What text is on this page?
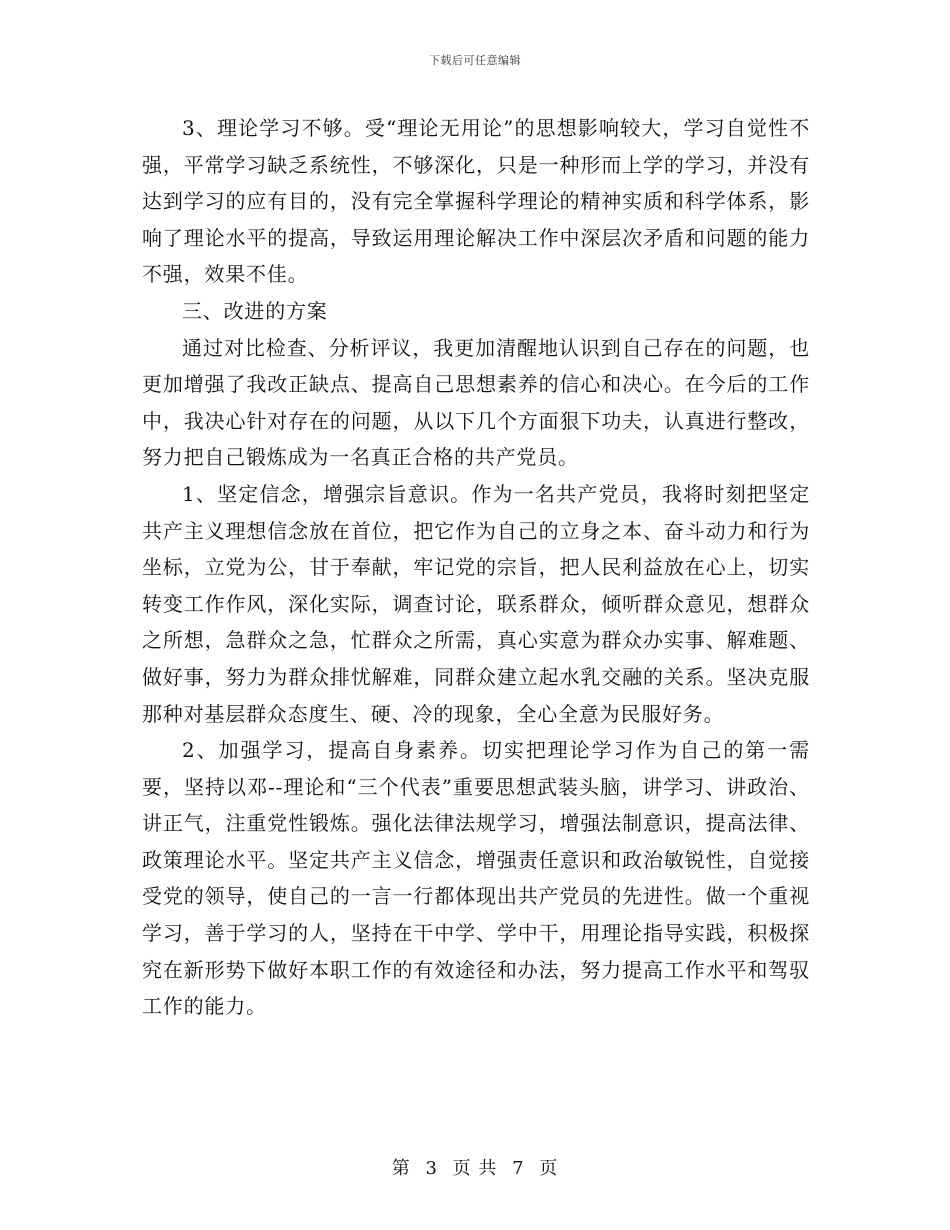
下载后可任意编辑

3、理论学习不够。受“理论无用论”的思想影响较大，学习自觉性不强，平常学习缺乏系统性，不够深化，只是一种形而上学的学习，并没有达到学习的应有目的，没有完全掌握科学理论的精神实质和科学体系，影响了理论水平的提高，导致运用理论解决工作中深层次矛盾和问题的能力不强，效果不佳。

三、改进的方案

通过对比检查、分析评议，我更加清醒地认识到自己存在的问题，也更加增强了我改正缺点、提高自己思想素养的信心和决心。在今后的工作中，我决心针对存在的问题，从以下几个方面狠下功夫，认真进行整改，努力把自己锻炼成为一名真正合格的共产党员。

1、坚定信念，增强宗旨意识。作为一名共产党员，我将时刻把坚定共产主义理想信念放在首位，把它作为自己的立身之本、奋斗动力和行为坐标，立党为公，甘于奉献，牢记党的宗旨，把人民利益放在心上，切实转变工作作风，深化实际，调查讨论，联系群众，倾听群众意见，想群众之所想，急群众之急，忙群众之所需，真心实意为群众办实事、解难题、做好事，努力为群众排忧解难，同群众建立起水乳交融的关系。坚决克服那种对基层群众态度生、硬、冷的现象，全心全意为民服好务。

2、加强学习，提高自身素养。切实把理论学习作为自己的第一需要，坚持以邓--理论和“三个代表”重要思想武装头脑，讲学习、讲政治、讲正气，注重党性锻炼。强化法律法规学习，增强法制意识，提高法律、政策理论水平。坚定共产主义信念，增强责任意识和政治敏锐性，自觉接受党的领导，使自己的一言一行都体现出共产党员的先进性。做一个重视学习，善于学习的人，坚持在干中学、学中干，用理论指导实践，积极探究在新形势下做好本职工作的有效途径和办法，努力提高工作水平和驾驭工作的能力。

第 3 页 共 7 页
